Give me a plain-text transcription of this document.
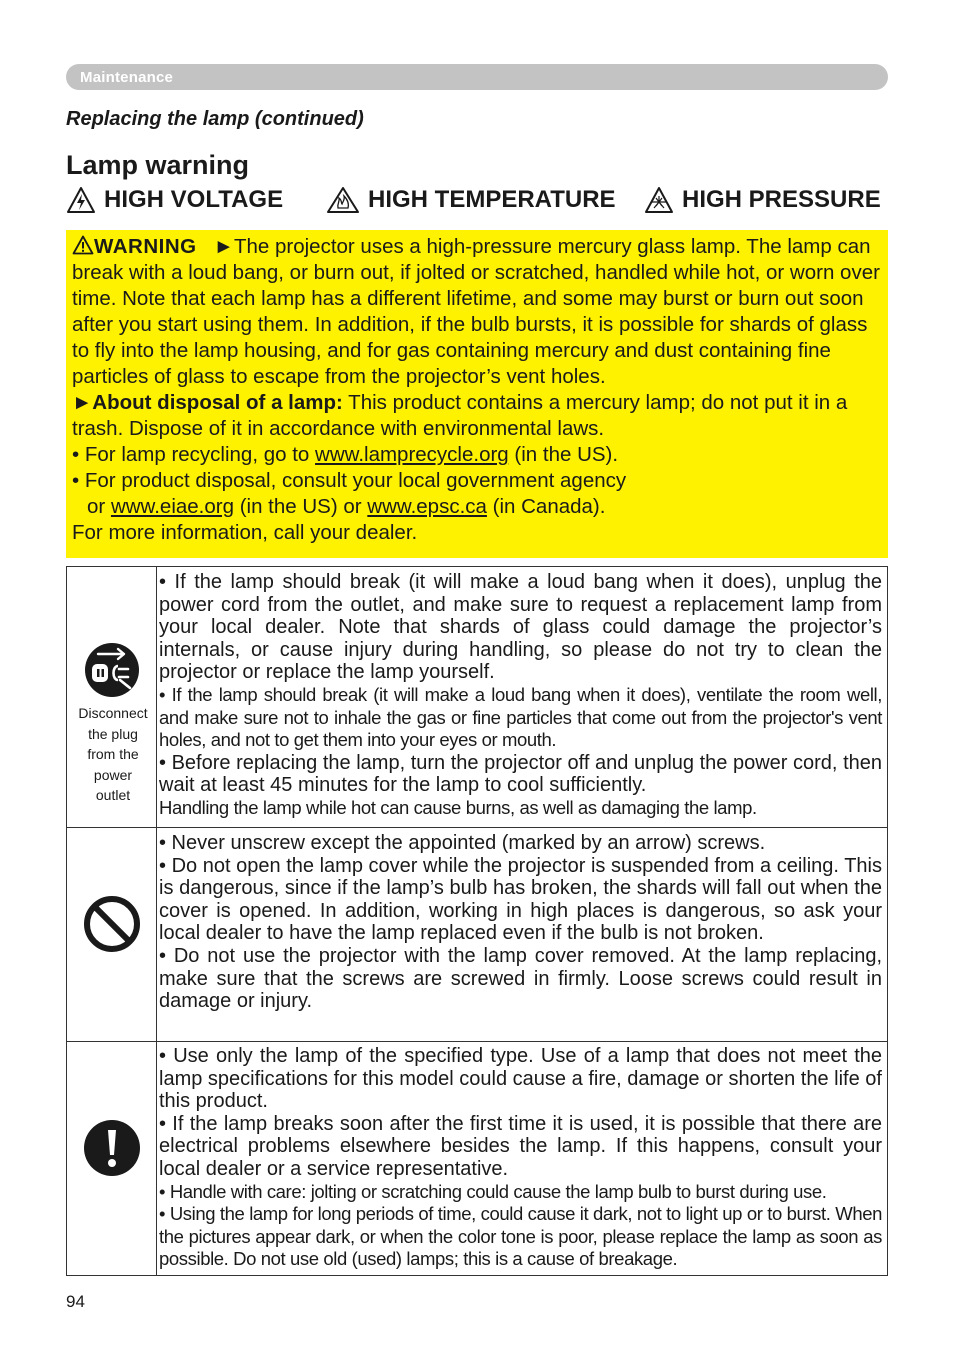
Maintenance
Replacing the lamp (continued)
Lamp warning
HIGH VOLTAGE	HIGH TEMPERATURE	HIGH PRESSURE

WARNING ►The projector uses a high-pressure mercury glass lamp. The lamp can break with a loud bang, or burn out, if jolted or scratched, handled while hot, or worn over time. Note that each lamp has a different lifetime, and some may burst or burn out soon after you start using them. In addition, if the bulb bursts, it is possible for shards of glass to fly into the lamp housing, and for gas containing mercury and dust containing fine particles of glass to escape from the projector’s vent holes.

►About disposal of a lamp: This product contains a mercury lamp; do not put it in a trash. Dispose of it in accordance with environmental laws.

• For lamp recycling, go to www.lamprecycle.org (in the US).

• For product disposal, consult your local government agency

or www.eiae.org (in the US) or www.epsc.ca (in Canada).

For more information, call your dealer.

Disconnect
the plug
from the
power
outlet

• If the lamp should break (it will make a loud bang when it does), unplug the power cord from the outlet, and make sure to request a replacement lamp from your local dealer. Note that shards of glass could damage the projector’s internals, or cause injury during handling, so please do not try to clean the projector or replace the lamp yourself.

• If the lamp should break (it will make a loud bang when it does), ventilate the room well, and make sure not to inhale the gas or fine particles that come out from the projector's vent holes, and not to get them into your eyes or mouth.

• Before replacing the lamp, turn the projector off and unplug the power cord, then wait at least 45 minutes for the lamp to cool sufficiently.

Handling the lamp while hot can cause burns, as well as damaging the lamp.

• Never unscrew except the appointed (marked by an arrow) screws.

• Do not open the lamp cover while the projector is suspended from a ceiling. This is dangerous, since if the lamp’s bulb has broken, the shards will fall out when the cover is opened. In addition, working in high places is dangerous, so ask your local dealer to have the lamp replaced even if the bulb is not broken.

• Do not use the projector with the lamp cover removed. At the lamp replacing, make sure that the screws are screwed in firmly. Loose screws could result in damage or injury.

• Use only the lamp of the specified type. Use of a lamp that does not meet the lamp specifications for this model could cause a fire, damage or shorten the life of this product.

• If the lamp breaks soon after the first time it is used, it is possible that there are electrical problems elsewhere besides the lamp. If this happens, consult your local dealer or a service representative.

• Handle with care: jolting or scratching could cause the lamp bulb to burst during use.

• Using the lamp for long periods of time, could cause it dark, not to light up or to burst. When the pictures appear dark, or when the color tone is poor, please replace the lamp as soon as possible. Do not use old (used) lamps; this is a cause of breakage.

94
